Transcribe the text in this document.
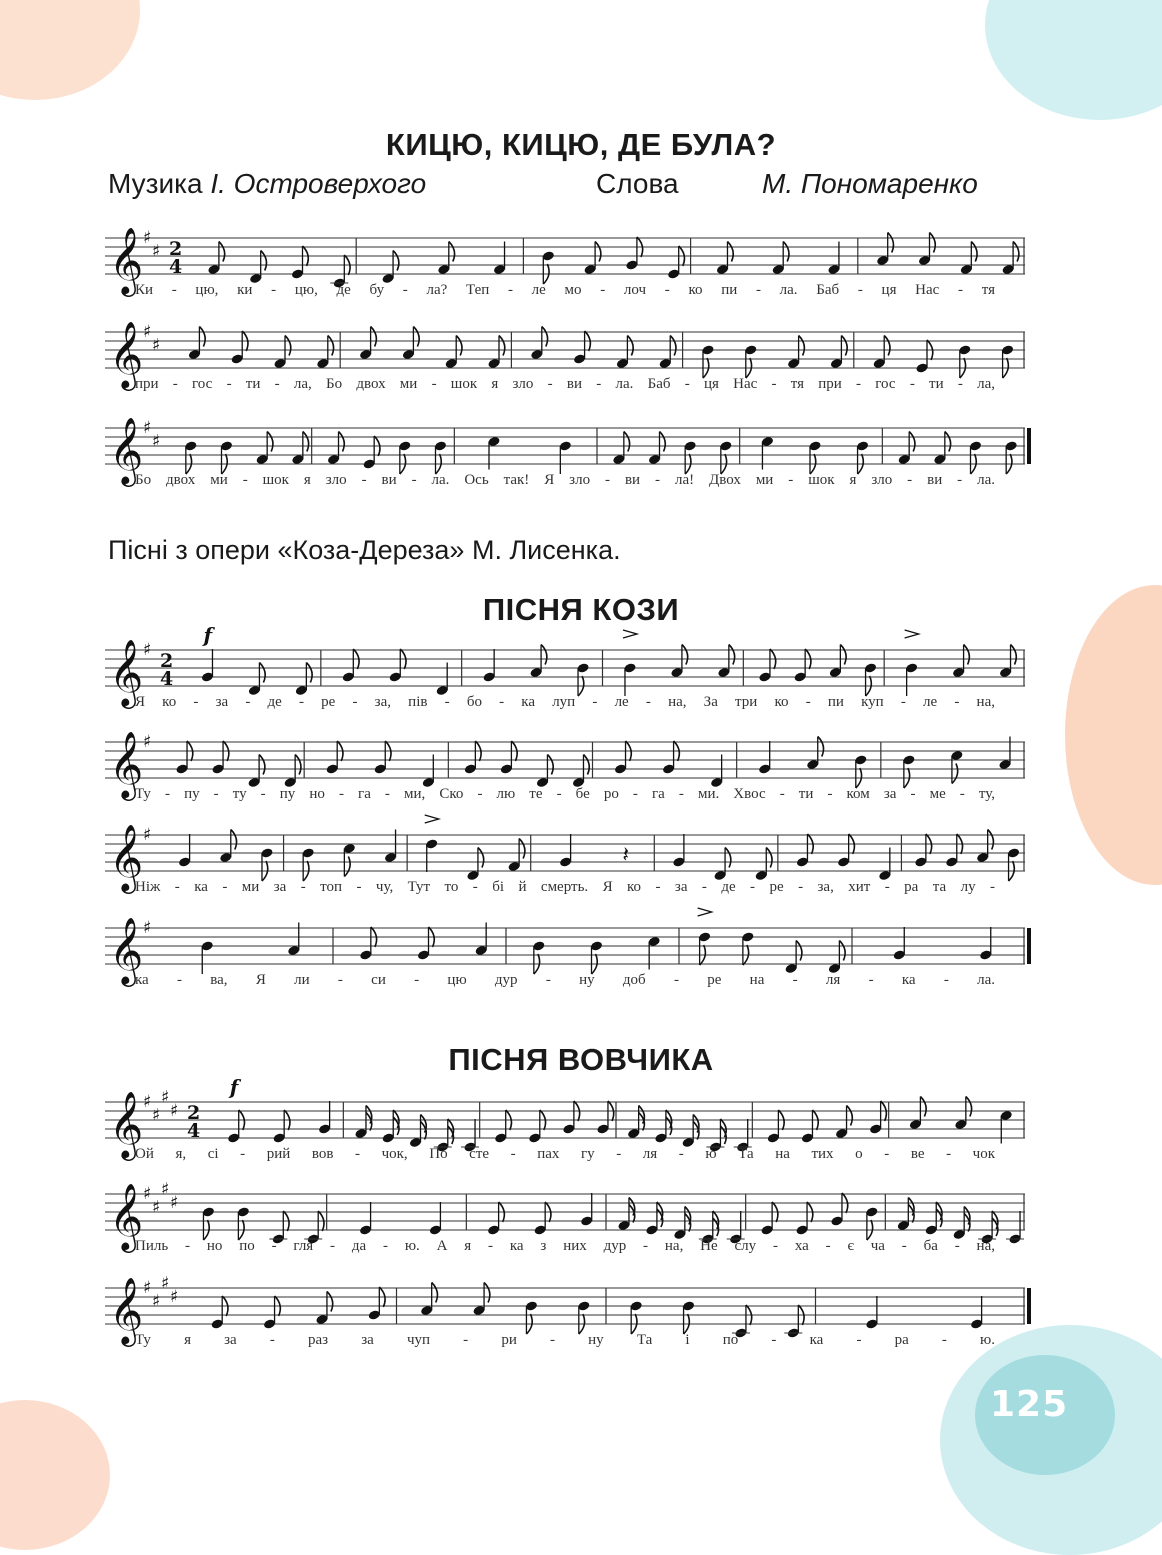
КИЦЮ, КИЦЮ, ДЕ БУЛА?
Музика І. Островерхого	Слова	М. Пономаренко
𝄞 ♯
♯ 2
4
Ки - цю, ки - цю, де бу - ла? Теп - ле мо - лоч - ко пи - ла. Баб - ця Нас - тя
𝄞 ♯
♯
при - гос - ти - ла, Бо двох ми - шок я зло - ви - ла. Баб - ця Нас - тя при - гос - ти - ла,
𝄞 ♯
♯
Бо двох ми - шок я зло - ви - ла. Ось так! Я зло - ви - ла! Двох ми - шок я зло - ви - ла.
Пісні з опери «Коза-Дереза» М. Лисенка.
ПІСНЯ КОЗИ
𝄞 ♯ 2
4
f
Я ко - за - де - ре - за, пів - бо - ка луп - ле - на, За три ко - пи куп - ле - на,
𝄞 ♯
Ту - пу - ту - пу но - га - ми, Ско - лю те - бе ро - га - ми. Хвос - ти - ком за - ме - ту,
𝄞 ♯
𝄽
Ніж - ка - ми за - топ - чу, Тут то - бі й смерть. Я ко - за - де - ре - за, хит - ра та лу -
𝄞 ♯
ка - ва, Я ли - си - цю дур - ну доб - ре на - ля - ка - ла.
ПІСНЯ ВОВЧИКА
𝄞 ♯
♯
♯
♯ 2
4
f
Ой я, сі - рий вов - чок, По сте - пах гу - ля - ю Та на тих о - ве - чок
𝄞 ♯
♯
♯
♯
Пиль - но по - гля - да - ю. А я - ка з них дур - на, Не слу - ха - є ча - ба - на,
𝄞 ♯
♯
♯
♯
Ту я за - раз за чуп - ри - ну Та і по - ка - ра - ю.
125
